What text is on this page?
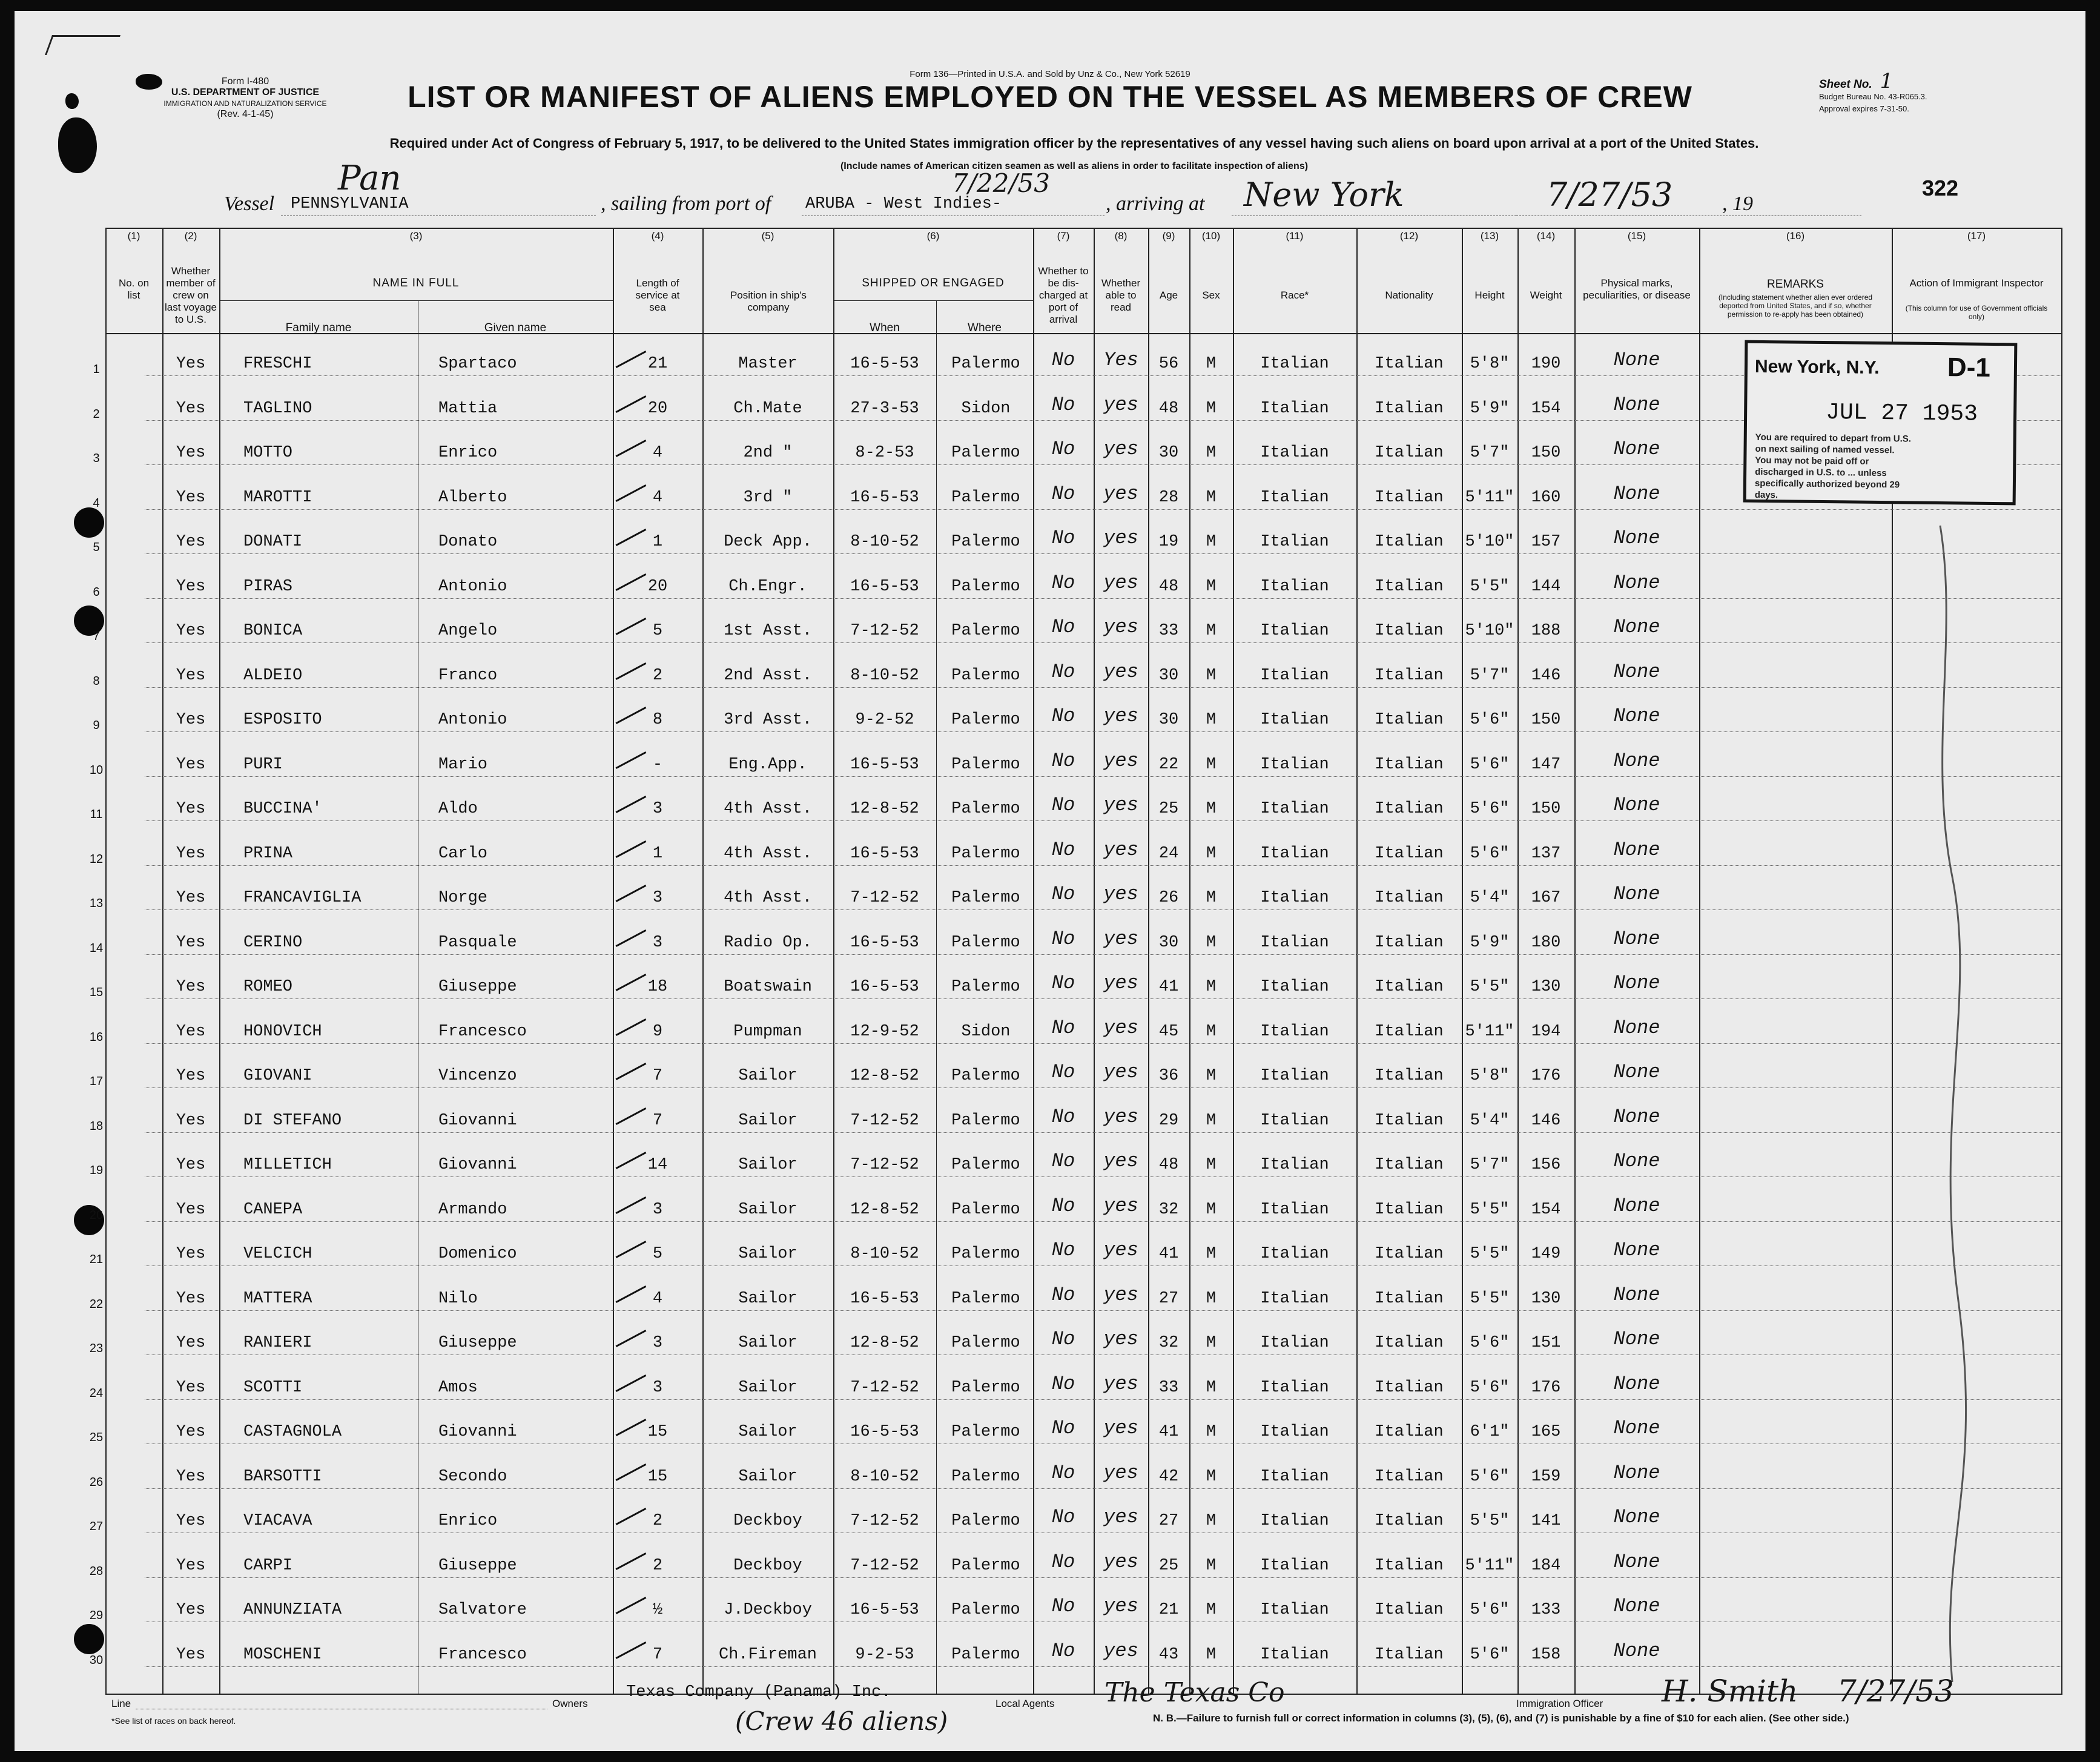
Form I-480
U.S. DEPARTMENT OF JUSTICE
IMMIGRATION AND NATURALIZATION SERVICE
(Rev. 4-1-45)
Form 136—Printed in U.S.A. and Sold by Unz & Co., New York 52619
LIST OR MANIFEST OF ALIENS EMPLOYED ON THE VESSEL AS MEMBERS OF CREW
Required under Act of Congress of February 5, 1917, to be delivered to the United States immigration officer by the representatives of any vessel having such aliens on board upon arrival at a port of the United States.
(Include names of American citizen seamen as well as aliens in order to facilitate inspection of aliens)
Sheet No. 1
Budget Bureau No. 43-R065.3.
Approval expires 7-31-50.
322
Vessel PENNSYLVANIA
Pan
, sailing from port of ARUBA - West Indies-
7/22/53
, arriving at New York	7/27/53 , 19
(1)	(2)	(3)	(4)	(5)	(6)	(7)	(8)	(9)	(10)	(11)	(12)	(13)	(14)	(15)	(16)	(17)
No. on list
Whether member of crew on last voyage to U.S.
NAME IN FULL
Family name	Given name
Length of service at sea
Position in ship's company
SHIPPED OR ENGAGED
When	Where
Whether to be dis- charged at port of arrival
Whether able to read
Age	Sex	Race*	Nationality	Height	Weight
Physical marks, peculiarities, or disease
REMARKS
(Including statement whether alien ever ordered deported from United States, and if so, whether permission to re-apply has been obtained)
Action of Immigrant Inspector
(This column for use of Government officials only)
1	Yes	FRESCHI	Spartaco	21	Master	16-5-53	Palermo	No	Yes	56	M	Italian	Italian	5'8"	190	None
2	Yes	TAGLINO	Mattia	20	Ch.Mate	27-3-53	Sidon	No	yes	48	M	Italian	Italian	5'9"	154	None
3	Yes	MOTTO	Enrico	4	2nd "	8-2-53	Palermo	No	yes	30	M	Italian	Italian	5'7"	150	None
4	Yes	MAROTTI	Alberto	4	3rd "	16-5-53	Palermo	No	yes	28	M	Italian	Italian	5'11"	160	None
5	Yes	DONATI	Donato	1	Deck App.	8-10-52	Palermo	No	yes	19	M	Italian	Italian	5'10"	157	None
6	Yes	PIRAS	Antonio	20	Ch.Engr.	16-5-53	Palermo	No	yes	48	M	Italian	Italian	5'5"	144	None
7	Yes	BONICA	Angelo	5	1st Asst.	7-12-52	Palermo	No	yes	33	M	Italian	Italian	5'10"	188	None
8	Yes	ALDEIO	Franco	2	2nd Asst.	8-10-52	Palermo	No	yes	30	M	Italian	Italian	5'7"	146	None
9	Yes	ESPOSITO	Antonio	8	3rd Asst.	9-2-52	Palermo	No	yes	30	M	Italian	Italian	5'6"	150	None
10	Yes	PURI	Mario	-	Eng.App.	16-5-53	Palermo	No	yes	22	M	Italian	Italian	5'6"	147	None
11	Yes	BUCCINA'	Aldo	3	4th Asst.	12-8-52	Palermo	No	yes	25	M	Italian	Italian	5'6"	150	None
12	Yes	PRINA	Carlo	1	4th Asst.	16-5-53	Palermo	No	yes	24	M	Italian	Italian	5'6"	137	None
13	Yes	FRANCAVIGLIA	Norge	3	4th Asst.	7-12-52	Palermo	No	yes	26	M	Italian	Italian	5'4"	167	None
14	Yes	CERINO	Pasquale	3	Radio Op.	16-5-53	Palermo	No	yes	30	M	Italian	Italian	5'9"	180	None
15	Yes	ROMEO	Giuseppe	18	Boatswain	16-5-53	Palermo	No	yes	41	M	Italian	Italian	5'5"	130	None
16	Yes	HONOVICH	Francesco	9	Pumpman	12-9-52	Sidon	No	yes	45	M	Italian	Italian	5'11"	194	None
17	Yes	GIOVANI	Vincenzo	7	Sailor	12-8-52	Palermo	No	yes	36	M	Italian	Italian	5'8"	176	None
18	Yes	DI STEFANO	Giovanni	7	Sailor	7-12-52	Palermo	No	yes	29	M	Italian	Italian	5'4"	146	None
19	Yes	MILLETICH	Giovanni	14	Sailor	7-12-52	Palermo	No	yes	48	M	Italian	Italian	5'7"	156	None
20	Yes	CANEPA	Armando	3	Sailor	12-8-52	Palermo	No	yes	32	M	Italian	Italian	5'5"	154	None
21	Yes	VELCICH	Domenico	5	Sailor	8-10-52	Palermo	No	yes	41	M	Italian	Italian	5'5"	149	None
22	Yes	MATTERA	Nilo	4	Sailor	16-5-53	Palermo	No	yes	27	M	Italian	Italian	5'5"	130	None
23	Yes	RANIERI	Giuseppe	3	Sailor	12-8-52	Palermo	No	yes	32	M	Italian	Italian	5'6"	151	None
24	Yes	SCOTTI	Amos	3	Sailor	7-12-52	Palermo	No	yes	33	M	Italian	Italian	5'6"	176	None
25	Yes	CASTAGNOLA	Giovanni	15	Sailor	16-5-53	Palermo	No	yes	41	M	Italian	Italian	6'1"	165	None
26	Yes	BARSOTTI	Secondo	15	Sailor	8-10-52	Palermo	No	yes	42	M	Italian	Italian	5'6"	159	None
27	Yes	VIACAVA	Enrico	2	Deckboy	7-12-52	Palermo	No	yes	27	M	Italian	Italian	5'5"	141	None
28	Yes	CARPI	Giuseppe	2	Deckboy	7-12-52	Palermo	No	yes	25	M	Italian	Italian	5'11"	184	None
29	Yes	ANNUNZIATA	Salvatore	½	J.Deckboy	16-5-53	Palermo	No	yes	21	M	Italian	Italian	5'6"	133	None
30	Yes	MOSCHENI	Francesco	7	Ch.Fireman	9-2-53	Palermo	No	yes	43	M	Italian	Italian	5'6"	158	None
New York, N.Y.	D-1
JUL 27 1953
You are required to depart from U.S. on next sailing of named vessel. You may not be paid off or discharged in U.S. to ... unless specifically authorized beyond 29 days.
Line	Owners
Texas Company (Panama) Inc.
Local Agents The Texas Co	Immigration Officer H. Smith 7/27/53
*See list of races on back hereof.	(Crew 46 aliens)	N. B.—Failure to furnish full or correct information in columns (3), (5), (6), and (7) is punishable by a fine of $10 for each alien. (See other side.)
